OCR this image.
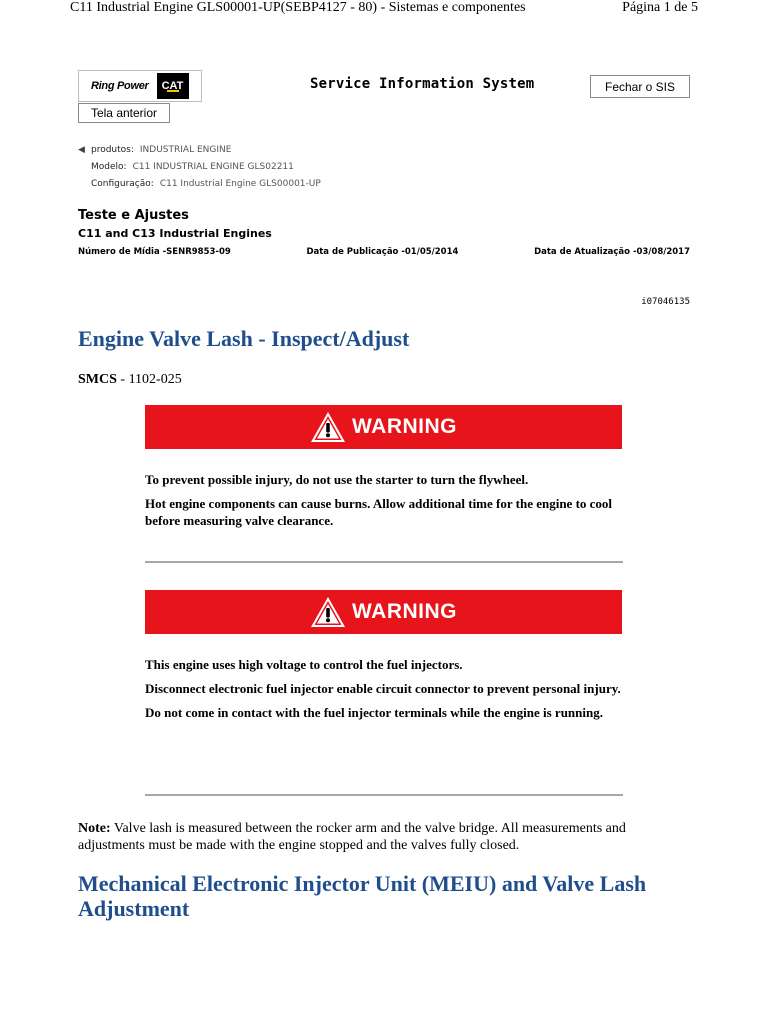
C11 Industrial Engine GLS00001-UP(SEBP4127 - 80) - Sistemas e componentes	Página 1 de 5
Ring Power	CAT	Service Information System	Fechar o SIS
Tela anterior
◀︎ produtos: INDUSTRIAL ENGINE
Modelo: C11 INDUSTRIAL ENGINE GLS02211
Configuração: C11 Industrial Engine GLS00001-UP
Teste e Ajustes
C11 and C13 Industrial Engines
Número de Mídia -SENR9853-09	Data de Publicação -01/05/2014	Data de Atualização -03/08/2017
i07046135
Engine Valve Lash - Inspect/Adjust
SMCS - 1102-025
WARNING

To prevent possible injury, do not use the starter to turn the flywheel.

Hot engine components can cause burns. Allow additional time for the engine to cool before measuring valve clearance.

WARNING

This engine uses high voltage to control the fuel injectors.

Disconnect electronic fuel injector enable circuit connector to prevent personal injury.

Do not come in contact with the fuel injector terminals while the engine is running.

Note: Valve lash is measured between the rocker arm and the valve bridge. All measurements and adjustments must be made with the engine stopped and the valves fully closed.
Mechanical Electronic Injector Unit (MEIU) and Valve Lash Adjustment
